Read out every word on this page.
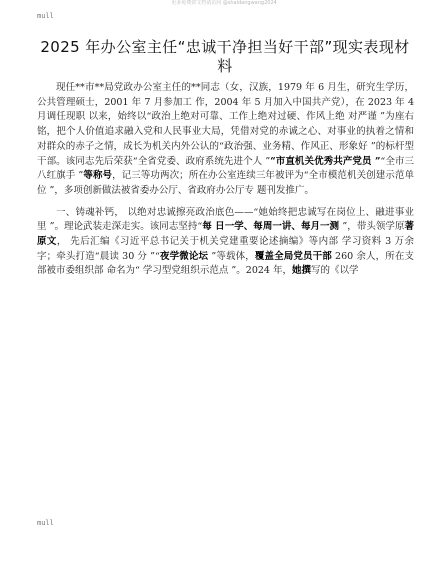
更多免费资文档请访问 @shaidangwang2024
mull
2025 年办公室主任“忠诚干净担当好干部”现实表现材料

现任**市**局党政办公室主任的**同志（女，汉族，1979 年 6 月生，研究生学历，公共管理硕士，2001 年 7 月参加工 作，2004 年 5 月加入中国共产党），在 2023 年 4 月调任现职 以来，始终以“政治上绝对可靠、工作上绝对过硬、作风上绝 对严谨 ”为座右铭，把个人价值追求融入党和人民事业大局，凭借对党的赤诚之心、对事业的执着之情和对群众的赤子之情，成长为机关内外公认的“政治强、业务精、作风正、形象好 ”的标杆型干部。该同志先后荣获“全省党委、政府系统先进个人 ”“市直机关优秀共产党员 ”“全市三八红旗手 ”等称号，记三等功两次；所在办公室连续三年被评为“全市模范机关创建示范单位 ”，多项创新做法被省委办公厅、省政府办公厅专 题刊发推广。

一、铸魂补钙， 以绝对忠诚擦亮政治底色——“她始终把忠诚写在岗位上、融进事业里 ”。理论武装走深走实。该同志坚持“每 日一学、每周一讲、每月一测 ”，带头领学原著原文， 先后汇编《习近平总书记关于机关党建重要论述摘编》等内部 学习资料 3 万余字；牵头打造“晨读 30 分 ”“夜学微论坛 ”等载体，覆盖全局党员干部 260 余人，所在支部被市委组织部 命名为“ 学习型党组织示范点 ”。2024 年，她撰写的《以学

mull
